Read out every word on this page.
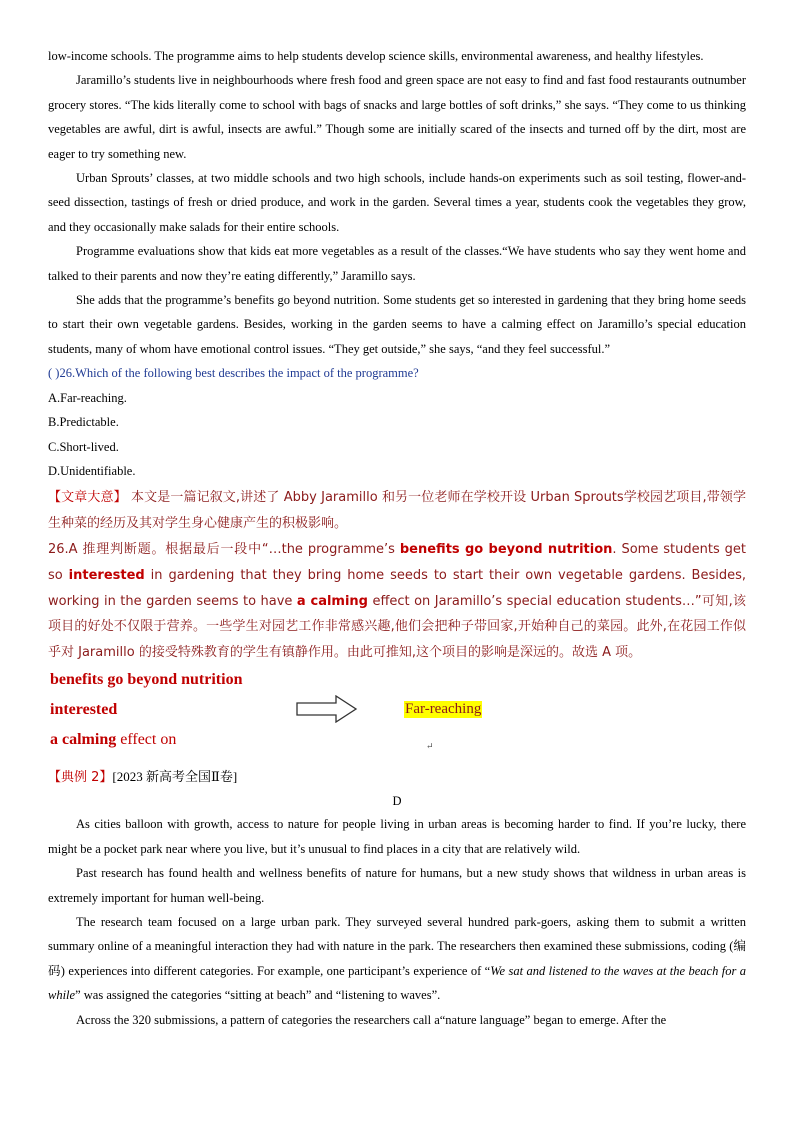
low-income schools. The programme aims to help students develop science skills, environmental awareness, and healthy lifestyles.

Jaramillo’s students live in neighbourhoods where fresh food and green space are not easy to find and fast food restaurants outnumber grocery stores. “The kids literally come to school with bags of snacks and large bottles of soft drinks,” she says. “They come to us thinking vegetables are awful, dirt is awful, insects are awful.” Though some are initially scared of the insects and turned off by the dirt, most are eager to try something new.

Urban Sprouts’ classes, at two middle schools and two high schools, include hands-on experiments such as soil testing, flower-and-seed dissection, tastings of fresh or dried produce, and work in the garden. Several times a year, students cook the vegetables they grow, and they occasionally make salads for their entire schools.

Programme evaluations show that kids eat more vegetables as a result of the classes.“We have students who say they went home and talked to their parents and now they’re eating differently,” Jaramillo says.

She adds that the programme’s benefits go beyond nutrition. Some students get so interested in gardening that they bring home seeds to start their own vegetable gardens. Besides, working in the garden seems to have a calming effect on Jaramillo’s special education students, many of whom have emotional control issues. “They get outside,” she says, “and they feel successful.”

( )26.Which of the following best describes the impact of the programme?

A.Far-reaching.
B.Predictable.
C.Short-lived.
D.Unidentifiable.

【文章大意】 本文是一篇记叙文,讲述了 Abby Jaramillo 和另一位老师在学校开设 Urban Sprouts学校园艺项目,带领学生种菜的经历及其对学生身心健康产生的积极影响。

26.A 推理判断题。根据最后一段中“…the programme’s benefits go beyond nutrition. Some students get so interested in gardening that they bring home seeds to start their own vegetable gardens. Besides, working in the garden seems to have a calming effect on Jaramillo’s special education students…”可知,该项目的好处不仅限于营养。一些学生对园艺工作非常感兴趣,他们会把种子带回家,开始种自己的菜园。此外,在花园工作似乎对 Jaramillo 的接受特殊教育的学生有镇静作用。由此可推知,这个项目的影响是深远的。故选 A 项。

benefits go beyond nutrition
interested
a calming effect on
Far-reaching
↵
【典例 2】[2023 新高考全国Ⅱ卷]
D

As cities balloon with growth, access to nature for people living in urban areas is becoming harder to find. If you’re lucky, there might be a pocket park near where you live, but it’s unusual to find places in a city that are relatively wild.

Past research has found health and wellness benefits of nature for humans, but a new study shows that wildness in urban areas is extremely important for human well-being.

The research team focused on a large urban park. They surveyed several hundred park-goers, asking them to submit a written summary online of a meaningful interaction they had with nature in the park. The researchers then examined these submissions, coding (编码) experiences into different categories. For example, one participant’s experience of “We sat and listened to the waves at the beach for a while” was assigned the categories “sitting at beach” and “listening to waves”.

Across the 320 submissions, a pattern of categories the researchers call a“nature language” began to emerge. After the
